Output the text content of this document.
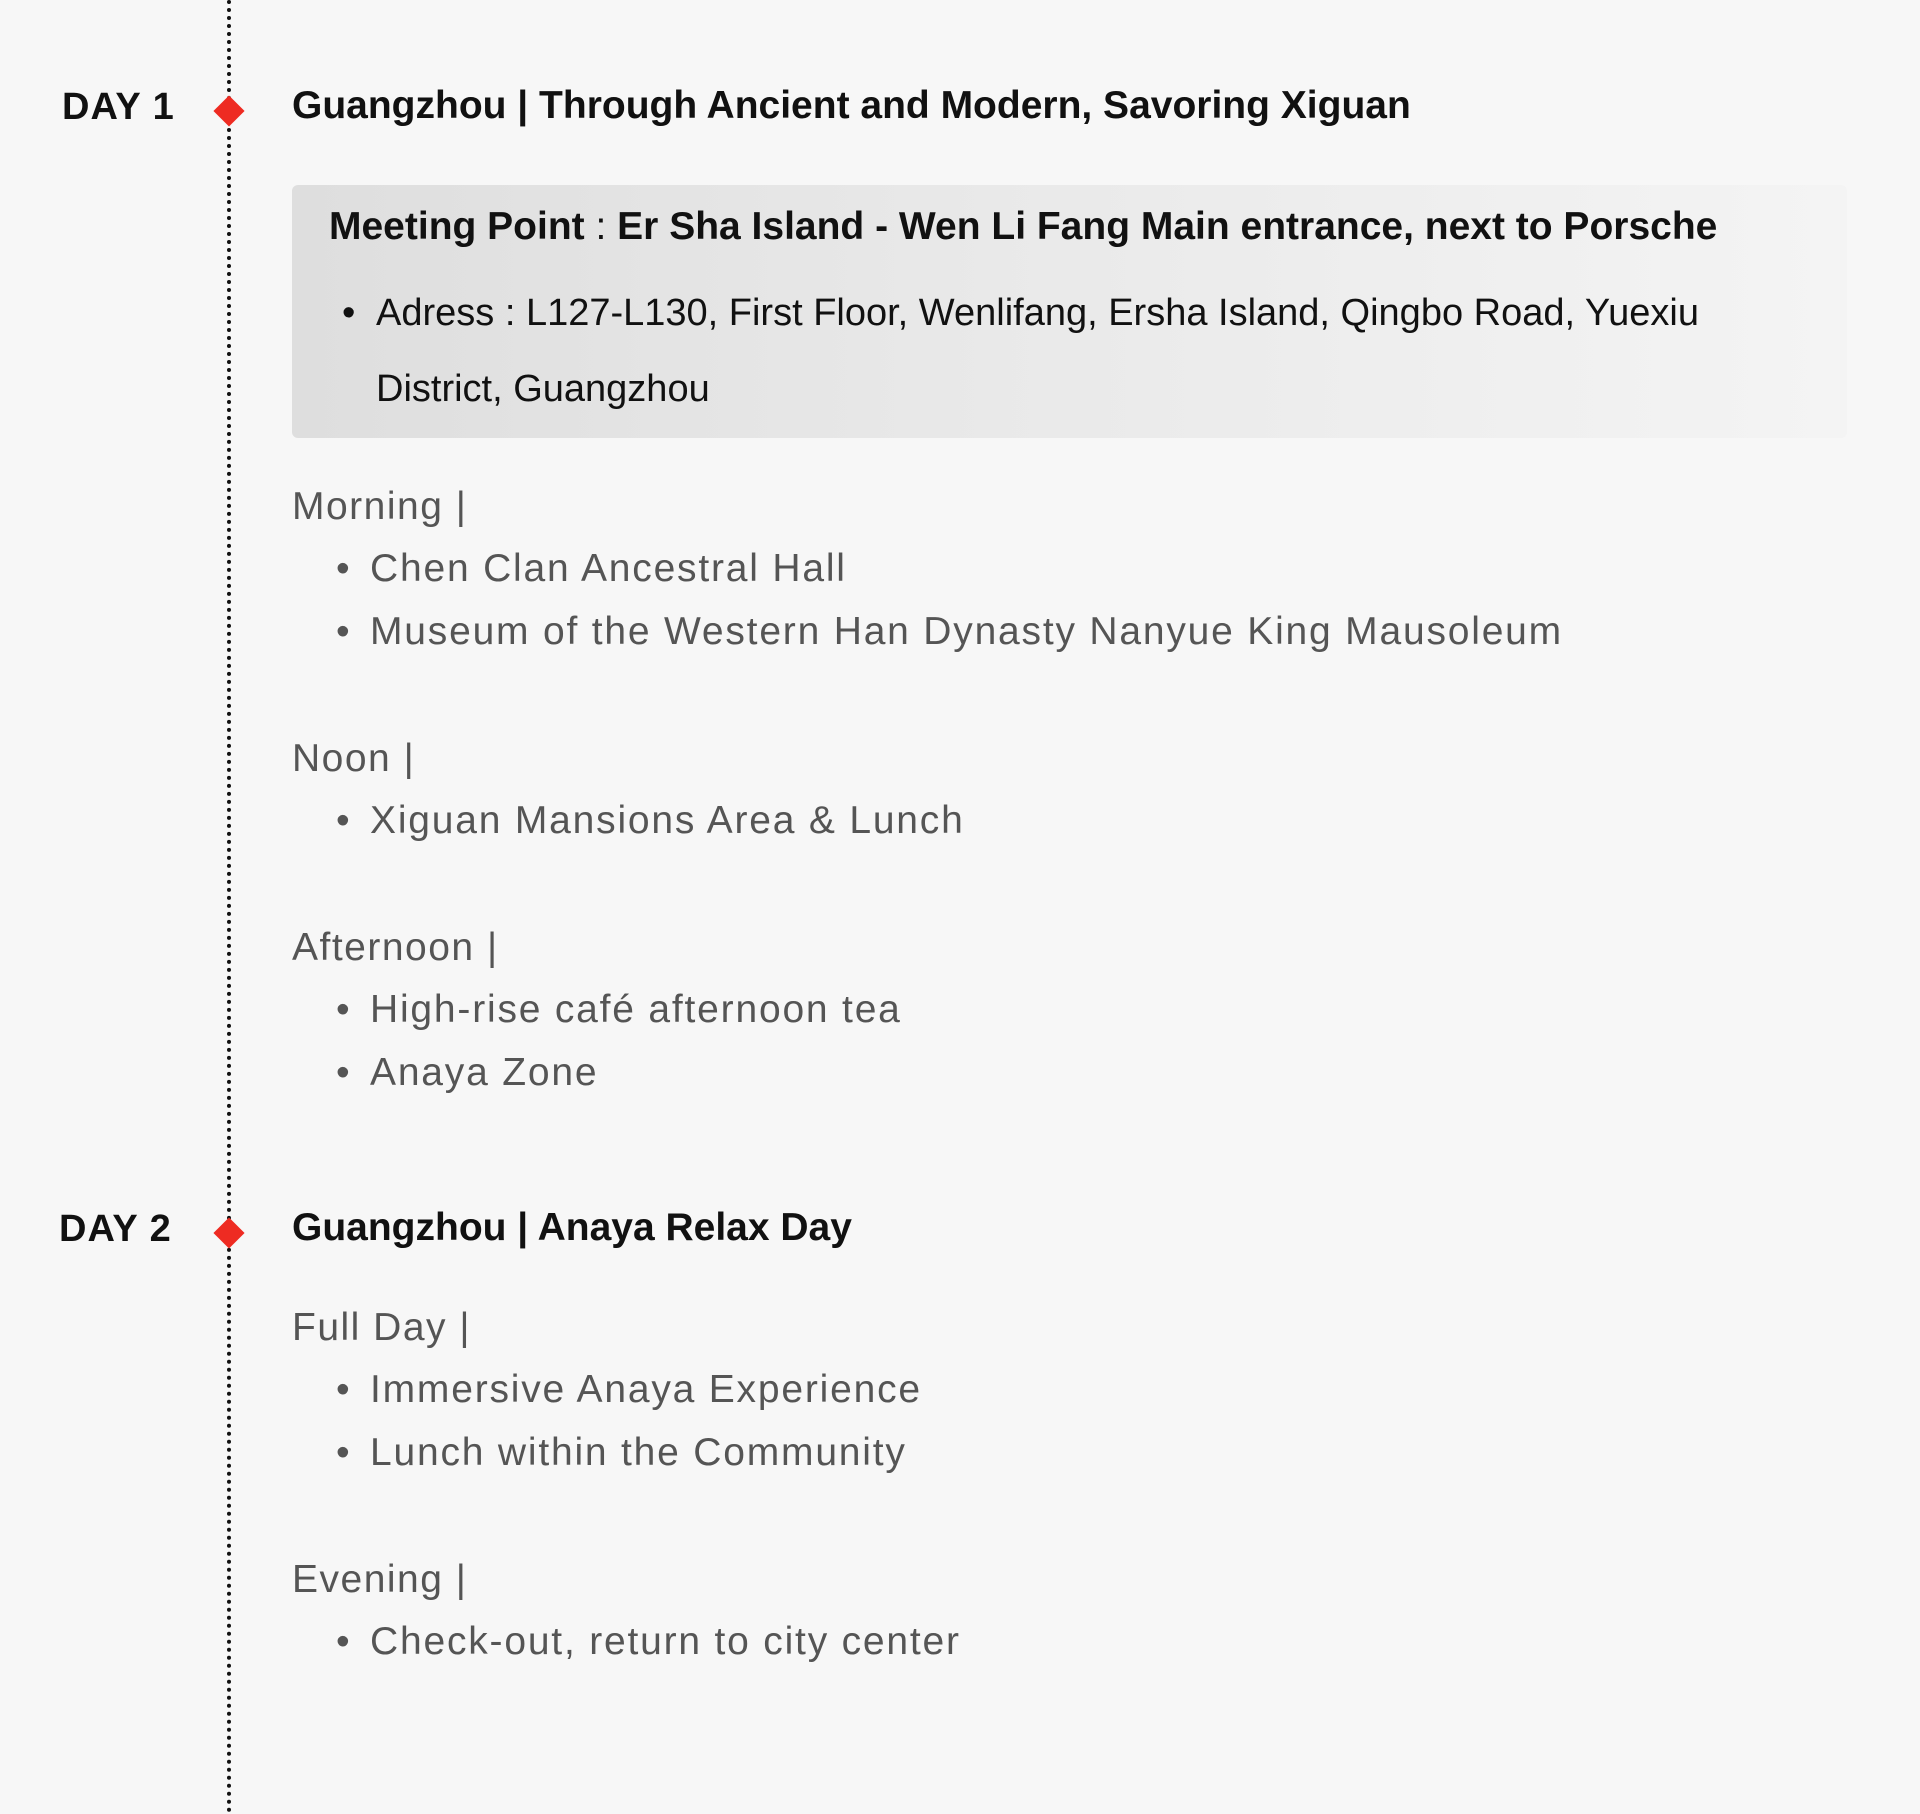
DAY 1	Guangzhou | Through Ancient and Modern, Savoring Xiguan
Meeting Point : Er Sha Island - Wen Li Fang Main entrance, next to Porsche
• Adress : L127-L130, First Floor, Wenlifang, Ersha Island, Qingbo Road, Yuexiu District, Guangzhou
Morning |
• Chen Clan Ancestral Hall
• Museum of the Western Han Dynasty Nanyue King Mausoleum
Noon |
• Xiguan Mansions Area & Lunch
Afternoon |
• High-rise café afternoon tea
• Anaya Zone
DAY 2	Guangzhou | Anaya Relax Day
Full Day |
• Immersive Anaya Experience
• Lunch within the Community
Evening |
• Check-out, return to city center
